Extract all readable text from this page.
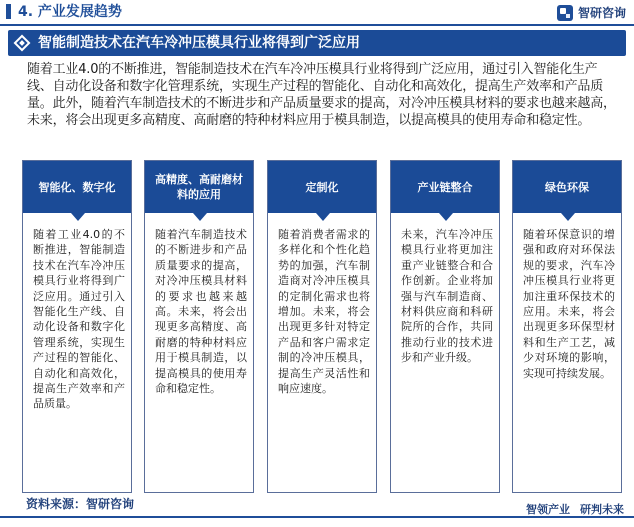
4. 产业发展趋势	智研咨询
智能制造技术在汽车冷冲压模具行业将得到广泛应用

随着工业4.0的不断推进，智能制造技术在汽车冷冲压模具行业将得到广泛应用，通过引入智能化生产线、自动化设备和数字化管理系统，实现生产过程的智能化、自动化和高效化，提高生产效率和产品质量。此外，随着汽车制造技术的不断进步和产品质量要求的提高，对冷冲压模具材料的要求也越来越高，未来，将会出现更多高精度、高耐磨的特种材料应用于模具制造，以提高模具的使用寿命和稳定性。

智能化、数字化
随着工业4.0的不断推进，智能制造技术在汽车冷冲压模具行业将得到广泛应用。通过引入智能化生产线、自动化设备和数字化管理系统，实现生产过程的智能化、自动化和高效化，提高生产效率和产品质量。
高精度、高耐磨材料的应用
随着汽车制造技术的不断进步和产品质量要求的提高，对冷冲压模具材料的要求也越来越高。未来，将会出现更多高精度、高耐磨的特种材料应用于模具制造，以提高模具的使用寿命和稳定性。
定制化
随着消费者需求的多样化和个性化趋势的加强，汽车制造商对冷冲压模具的定制化需求也将增加。未来，将会出现更多针对特定产品和客户需求定制的冷冲压模具，提高生产灵活性和响应速度。
产业链整合
未来，汽车冷冲压模具行业将更加注重产业链整合和合作创新。企业将加强与汽车制造商、材料供应商和科研院所的合作，共同推动行业的技术进步和产业升级。
绿色环保
随着环保意识的增强和政府对环保法规的要求，汽车冷冲压模具行业将更加注重环保技术的应用。未来，将会出现更多环保型材料和生产工艺，减少对环境的影响，实现可持续发展。
资料来源：智研咨询	智领产业 研判未来
